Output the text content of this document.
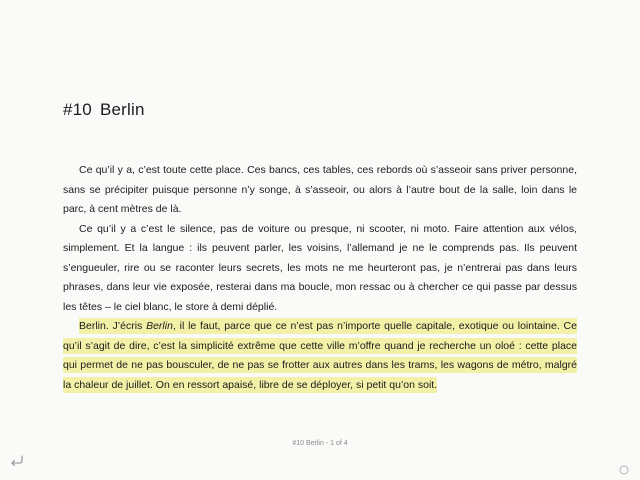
#10 Berlin

Ce qu’il y a, c’est toute cette place. Ces bancs, ces tables, ces rebords où s’asseoir sans priver personne, sans se précipiter puisque personne n’y songe, à s’asseoir, ou alors à l’autre bout de la salle, loin dans le parc, à cent mètres de là.

Ce qu’il y a c’est le silence, pas de voiture ou presque, ni scooter, ni moto. Faire attention aux vélos, simplement. Et la langue : ils peuvent parler, les voisins, l’allemand je ne le comprends pas. Ils peuvent s’engueuler, rire ou se raconter leurs secrets, les mots ne me heurteront pas, je n’entrerai pas dans leurs phrases, dans leur vie exposée, resterai dans ma boucle, mon ressac ou à chercher ce qui passe par dessus les têtes – le ciel blanc, le store à demi déplié.

Berlin. J’écris Berlin, il le faut, parce que ce n’est pas n’importe quelle capitale, exotique ou lointaine. Ce qu’il s’agit de dire, c’est la simplicité extrême que cette ville m’offre quand je recherche un oloé : cette place qui permet de ne pas bousculer, de ne pas se frotter aux autres dans les trams, les wagons de métro, malgré la chaleur de juillet. On en ressort apaisé, libre de se déployer, si petit qu’on soit.

#10 Berlin - 1 of 4
